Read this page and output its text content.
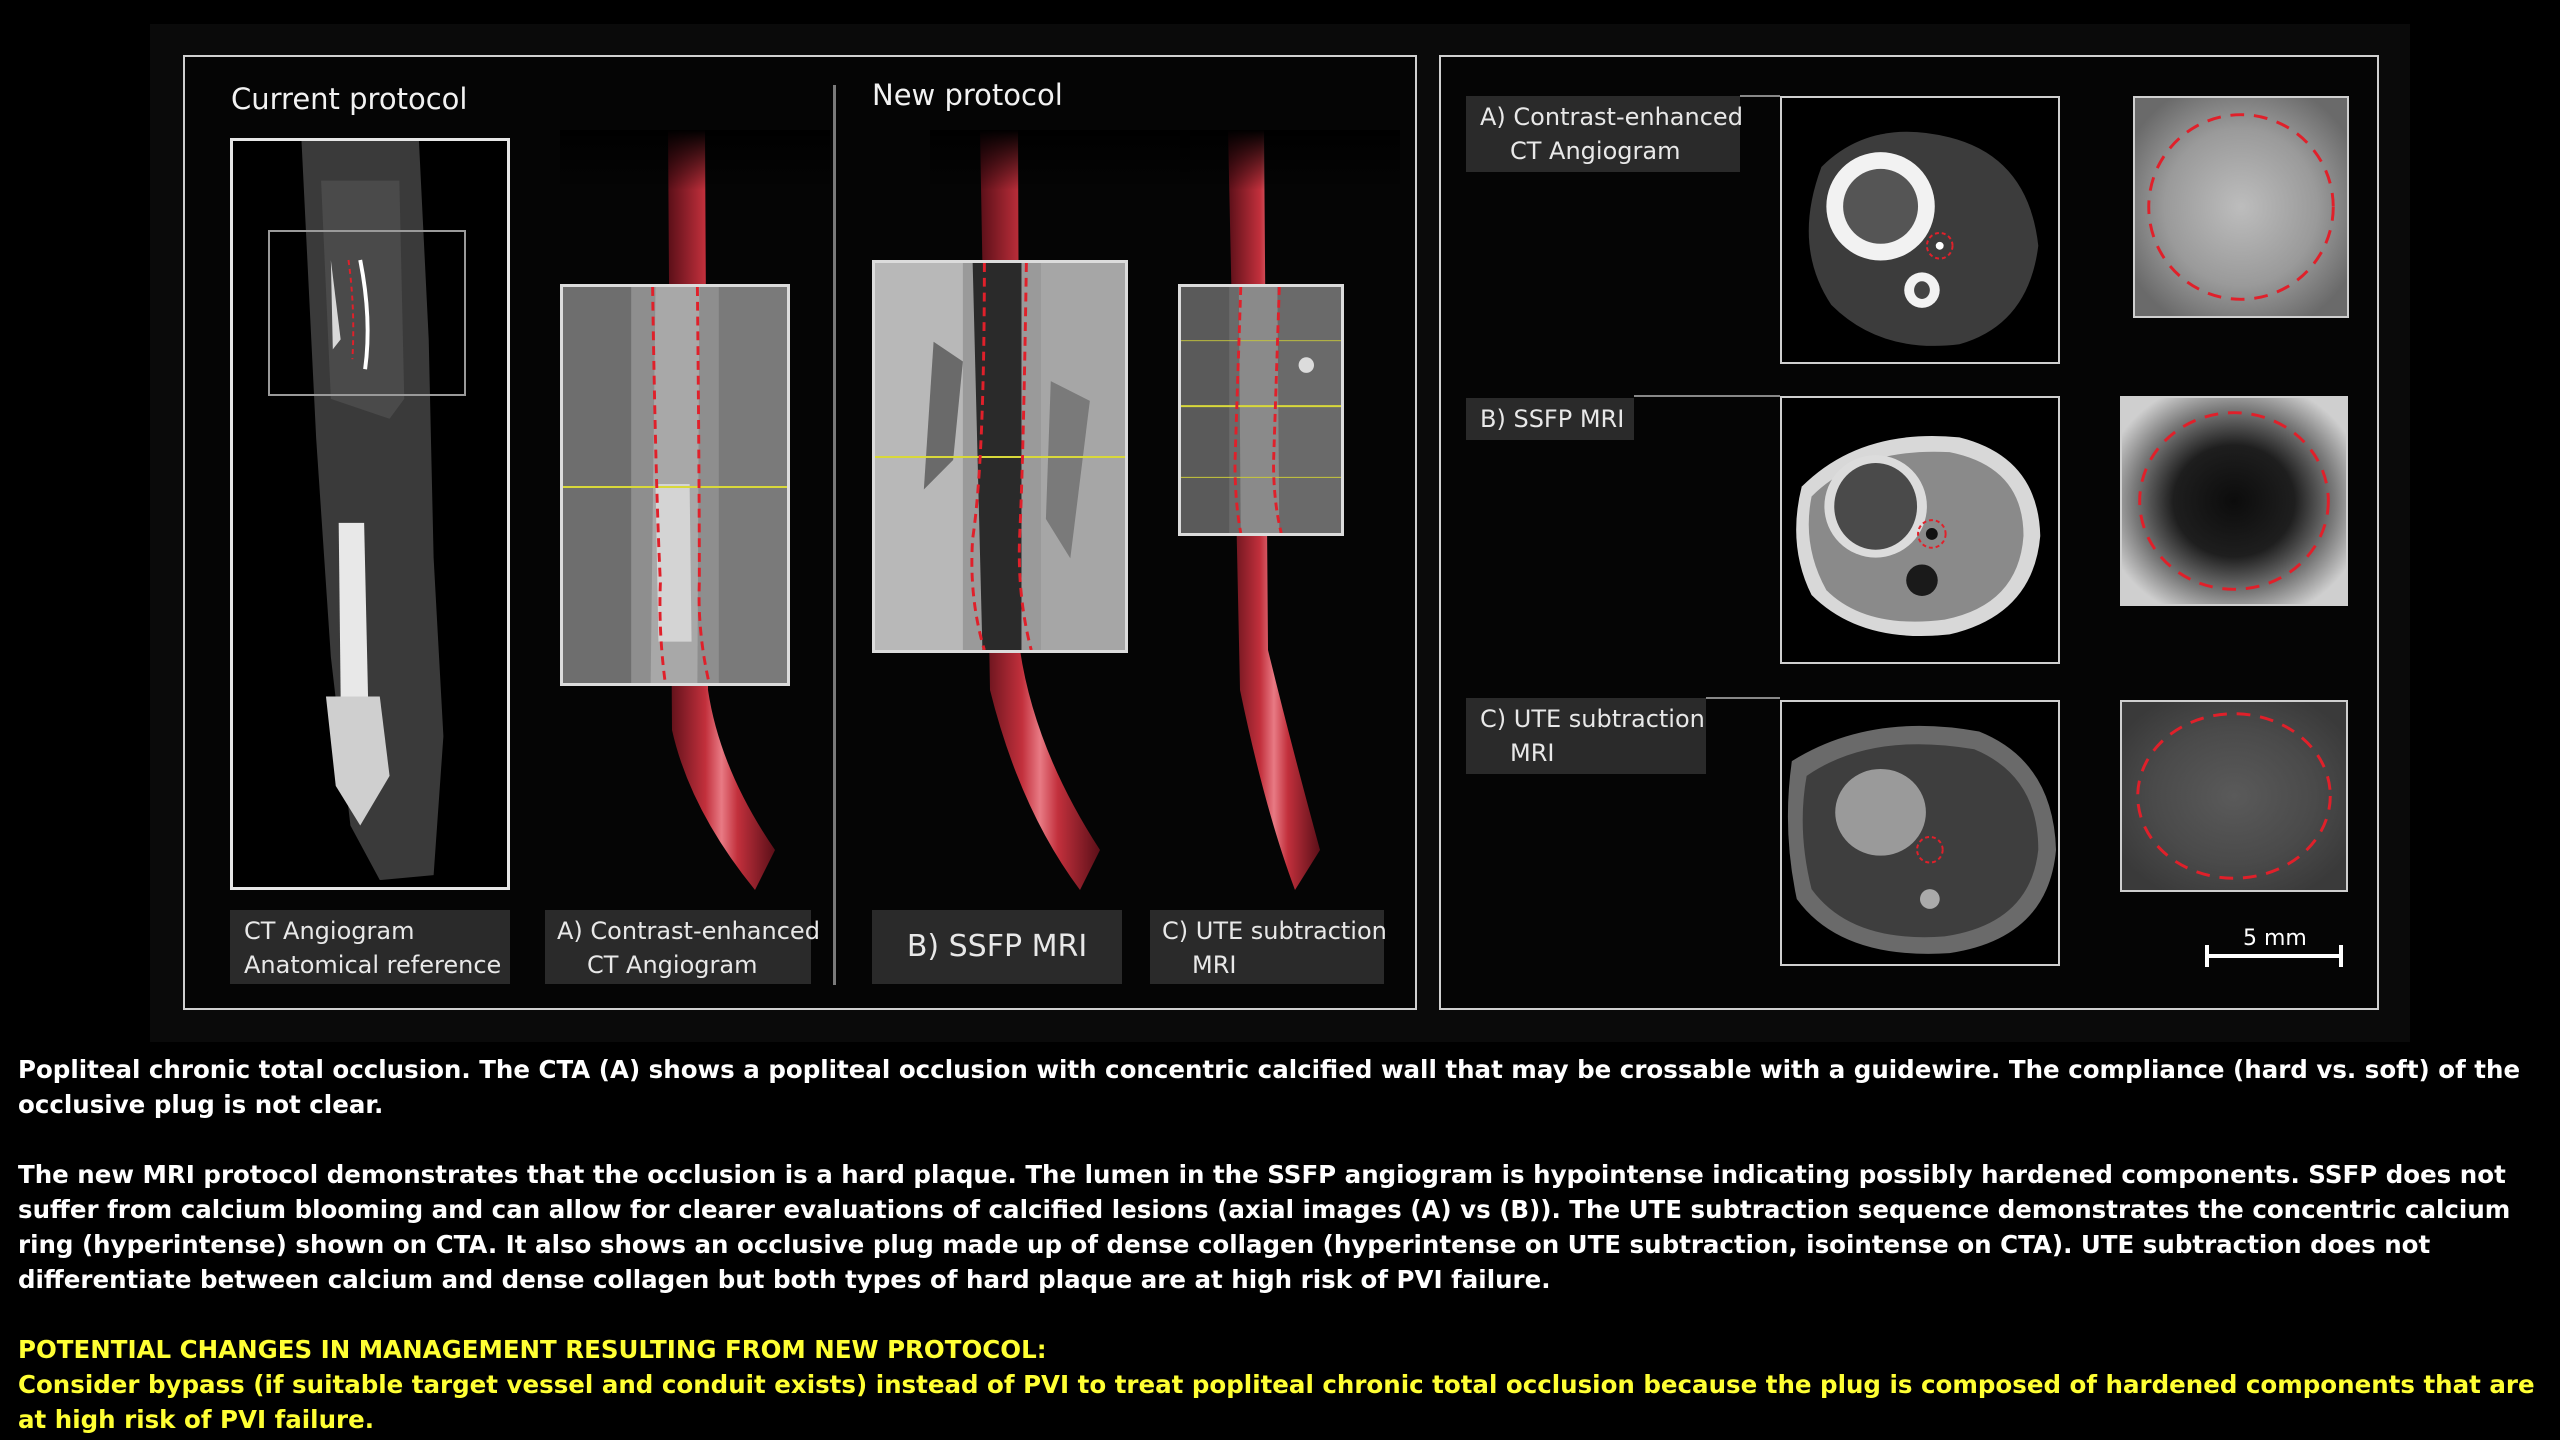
Current protocol	New protocol
CT Angiogram
Anatomical reference
A) Contrast-enhanced
CT Angiogram
B) SSFP MRI	C) UTE subtraction
MRI
A) Contrast-enhanced
CT Angiogram
B) SSFP MRI
C) UTE subtraction
MRI
5 mm

Popliteal chronic total occlusion. The CTA (A) shows a popliteal occlusion with concentric calcified wall that may be crossable with a guidewire. The compliance (hard vs. soft) of the occlusive plug is not clear.

The new MRI protocol demonstrates that the occlusion is a hard plaque. The lumen in the SSFP angiogram is hypointense indicating possibly hardened components. SSFP does not suffer from calcium blooming and can allow for clearer evaluations of calcified lesions (axial images (A) vs (B)). The UTE subtraction sequence demonstrates the concentric calcium ring (hyperintense) shown on CTA. It also shows an occlusive plug made up of dense collagen (hyperintense on UTE subtraction, isointense on CTA). UTE subtraction does not differentiate between calcium and dense collagen but both types of hard plaque are at high risk of PVI failure.

POTENTIAL CHANGES IN MANAGEMENT RESULTING FROM NEW PROTOCOL:

Consider bypass (if suitable target vessel and conduit exists) instead of PVI to treat popliteal chronic total occlusion because the plug is composed of hardened components that are at high risk of PVI failure.
